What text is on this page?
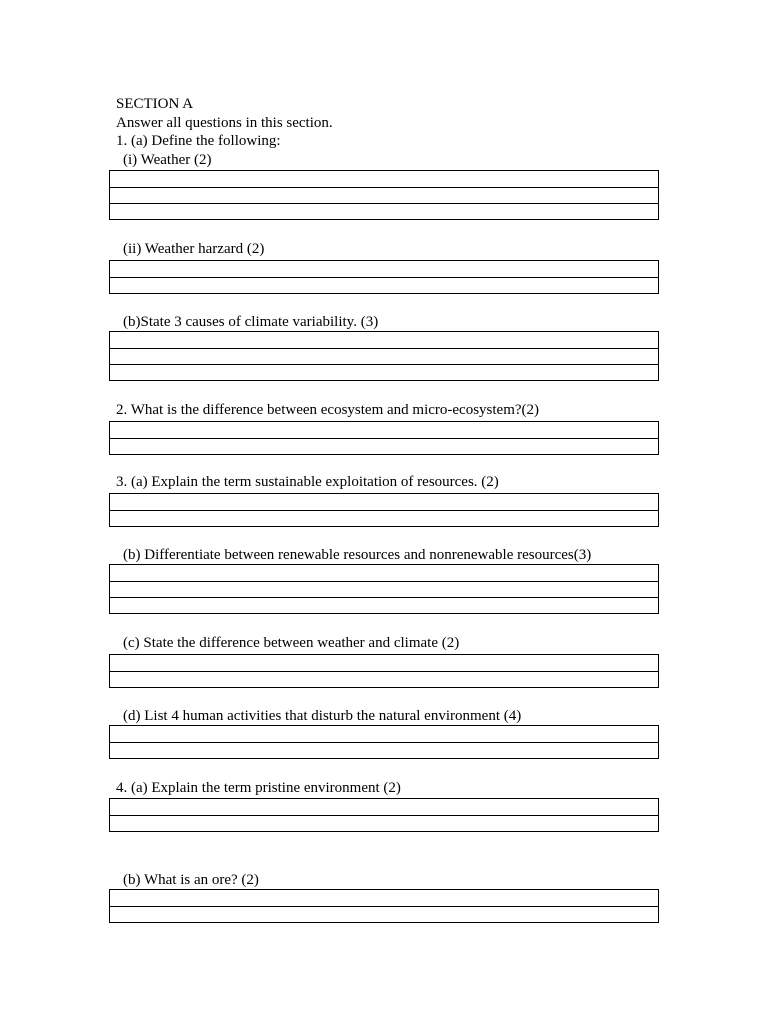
SECTION A
Answer all questions in this section.
1. (a) Define the following:
(i) Weather (2)
(ii) Weather harzard (2)
(b)State 3 causes of climate variability. (3)
2. What is the difference between ecosystem and micro-ecosystem?(2)
3. (a) Explain the term sustainable exploitation of resources. (2)
(b) Differentiate between renewable resources and nonrenewable resources(3)
(c) State the difference between weather and climate (2)
(d) List 4 human activities that disturb the natural environment (4)
4. (a) Explain the term pristine environment (2)
(b) What is an ore? (2)
